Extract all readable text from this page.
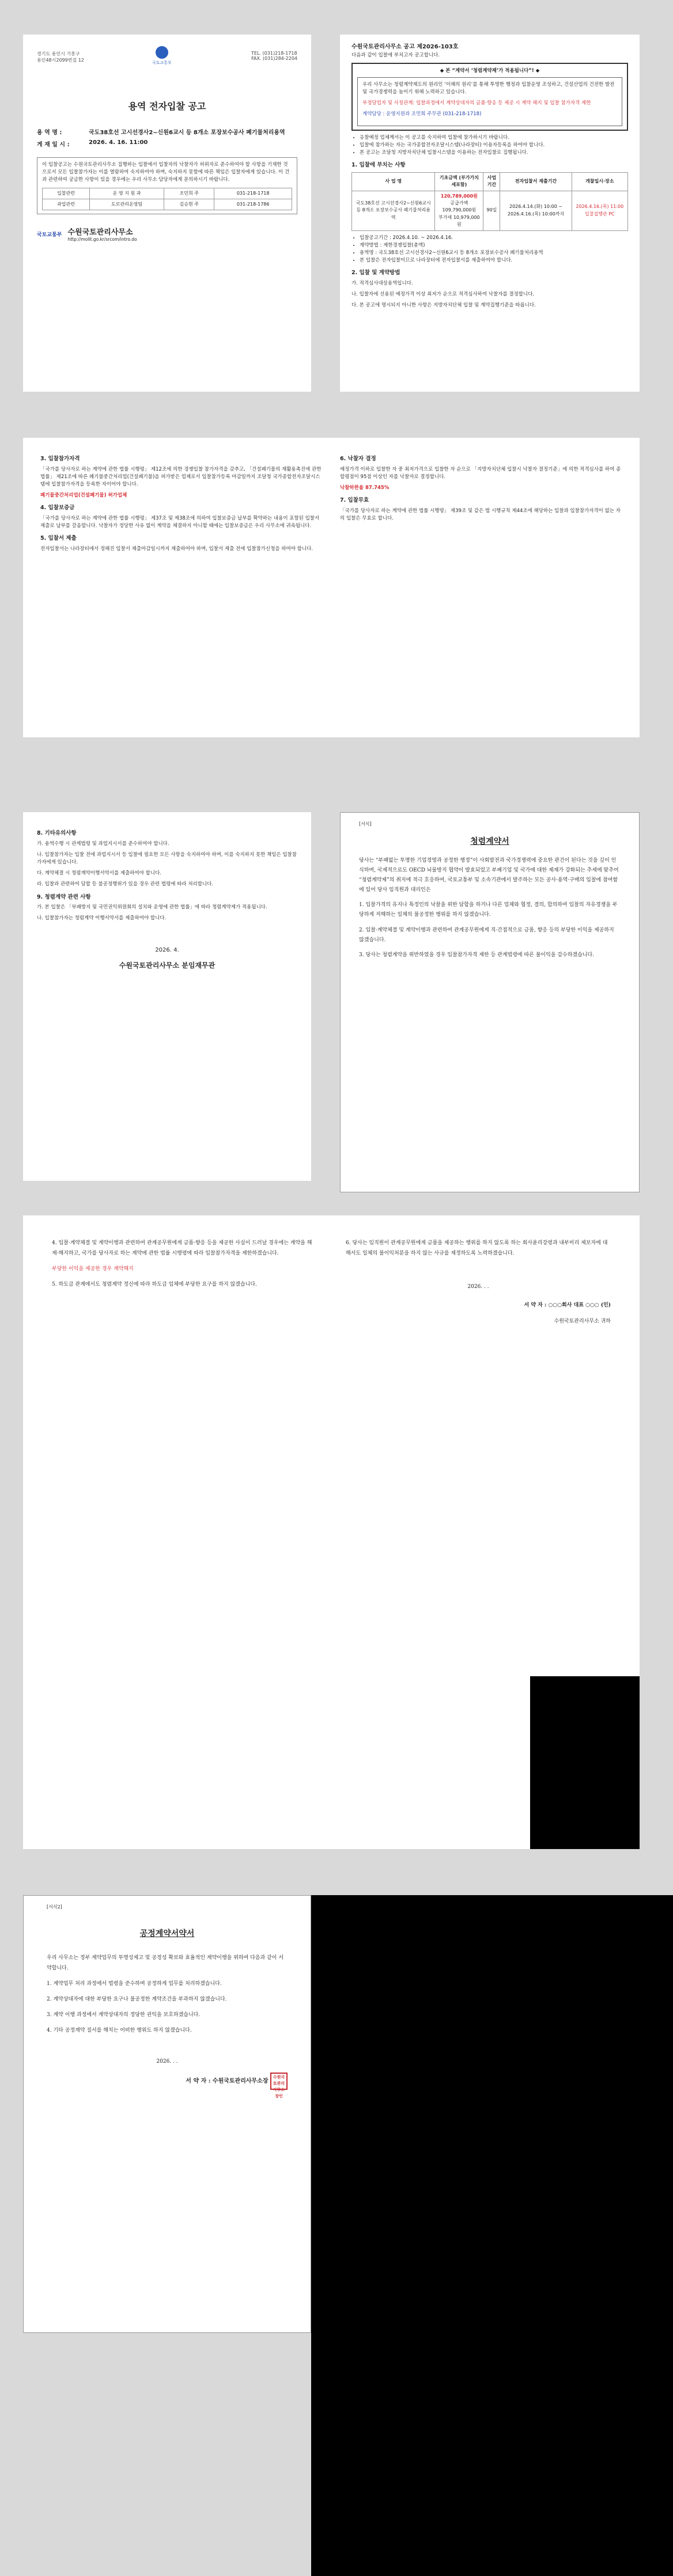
경기도 용인시 기흥구
용인48시2099번길 12	국토교통부
TEL. (031)218-1718
FAX. (031)284-2204
용역 전자입찰 공고
용 역 명 :	국도38호선 고시선경사2~신원6교시 등 8개소 포장보수공사 폐기물처리용역
게 재 일 시 :	2026. 4. 16. 11:00

이 입찰공고는 수원국토관리사무소 집행하는 입찰에서 입찰자의 낙찰자가 허위자로 준수하여야 할 사항을 기재한 것으로서 모든 입찰참가자는 이를 열람하여 숙지하여야 하며, 숙지하지 못함에 따른 책임은 입찰자에게 있습니다. 이 건과 관련하여 궁금한 사항이 있을 경우에는 우리 사무소 담당자에게 문의하시기 바랍니다.

입찰관련	운 영 지 원 과	조민희 주	031-218-1718
과업관련	도로관리운영팀	김승현 주	031-218-1786
국토교통부 수원국토관리사무소
http://molit.go.kr/srcom/intro.do
수원국토관리사무소 공고 제2026-103호
다음과 같이 입찰에 부치고자 공고합니다.
◆ 본 “계약서 ‘청렴계약제’가 적용됩니다”! ◆

우리 사무소는 청렴계약제도의 원리인 ‘이해의 원리’를 통해 투명한 행정과 입찰운영 조성하고, 건설산업의 건전한 발전 및 국가경쟁력을 높이기 위해 노력하고 있습니다.

부정당업자 및 사칭관계: 입찰과정에서 계약상대자의 금품·향응 등 제공 시 계약 해지 및 입찰 참가자격 제한

계약담당 : 운영지원과 조민희 주무관 (031-218-1718)

• 응찰예정 업체께서는 이 공고를 숙지하여 입찰에 참가하시기 바랍니다.
• 입찰에 참가하는 자는 국가종합전자조달시스템(나라장터) 이용자등록을 하여야 합니다.
• 본 공고는 조달청 지방자치단체 입찰시스템을 이용하는 전자입찰로 집행됩니다.
1. 입찰에 부치는 사항
사 업 명	기초금액 (부가가치세포함)	사업기간	전자입찰서 제출기간	개찰일시·장소
국도38호선 고시선경사2~신원6교시 등 8개소 포장보수공사 폐기물처리용역	120,789,000원
공급가액 109,790,000원
부가세 10,979,000원	90일	2026.4.14.(화) 10:00 ~ 2026.4.16.(목) 10:00까지	2026.4.16.(목) 11:00 입찰집행관 PC
• 입찰공고기간 : 2026.4.10. ~ 2026.4.16.
• 계약방법 : 제한경쟁입찰(총액)
• 용역명 : 국도38호선 고시선경사2~신원6교시 등 8개소 포장보수공사 폐기물처리용역
• 본 입찰은 전자입찰이므로 나라장터에 전자입찰서를 제출하여야 합니다.
2. 입찰 및 계약방법

가. 적격심사대상용역입니다.

나. 입찰자에 선용된 예정가격 이상 최저가 순으로 적격심사하여 낙찰자를 결정합니다.

다. 본 공고에 명시되지 아니한 사항은 지방자치단체 입찰 및 계약집행기준을 따릅니다.

3. 입찰참가자격

「국가를 당사자로 하는 계약에 관한 법률 시행령」 제12조에 의한 경쟁입찰 참가자격을 갖추고, 「건설폐기물의 재활용촉진에 관한 법률」 제21조에 따른 폐기물중간처리업(건설폐기물)을 허가받은 업체로서 입찰참가등록 마감일까지 조달청 국가종합전자조달시스템에 입찰참가자격을 등록한 자이어야 합니다.

폐기물중간처리업(건설폐기물) 허가업체

4. 입찰보증금

「국가를 당사자로 하는 계약에 관한 법률 시행령」 제37조 및 제38조에 의하여 입찰보증금 납부를 확약하는 내용이 포함된 입찰서 제출로 납부를 갈음합니다. 낙찰자가 정당한 사유 없이 계약을 체결하지 아니할 때에는 입찰보증금은 우리 사무소에 귀속됩니다.

5. 입찰서 제출

전자입찰서는 나라장터에서 정해진 입찰서 제출마감일시까지 제출하여야 하며, 입찰서 제출 전에 입찰참가신청을 하여야 합니다.

6. 낙찰자 결정

예정가격 이하로 입찰한 자 중 최저가격으로 입찰한 자 순으로 「지방자치단체 입찰시 낙찰자 결정기준」에 의한 적격심사를 하여 종합평점이 95점 이상인 자를 낙찰자로 결정합니다.

낙찰하한율 87.745%

7. 입찰무효

「국가를 당사자로 하는 계약에 관한 법률 시행령」 제39조 및 같은 법 시행규칙 제44조에 해당하는 입찰과 입찰참가자격이 없는 자의 입찰은 무효로 합니다.

8. 기타유의사항

가. 용역수행 시 관계법령 및 과업지시서를 준수하여야 합니다.

나. 입찰참가자는 입찰 전에 과업지시서 등 입찰에 필요한 모든 사항을 숙지하여야 하며, 이를 숙지하지 못한 책임은 입찰참가자에게 있습니다.

다. 계약체결 시 청렴계약이행서약서를 제출하여야 합니다.

라. 입찰과 관련하여 담합 등 불공정행위가 있을 경우 관련 법령에 따라 처리합니다.

9. 청렴계약 관련 사항

가. 본 입찰은 「부패방지 및 국민권익위원회의 설치와 운영에 관한 법률」에 따라 청렴계약제가 적용됩니다.

나. 입찰참가자는 청렴계약 이행서약서를 제출하여야 합니다.

2026. 4.
수원국토관리사무소 분임재무관
[서식]
청렴계약서

당사는 “부패없는 투명한 기업경영과 공정한 행정”이 사회발전과 국가경쟁력에 중요한 관건이 된다는 것을 깊이 인식하며, 국제적으로도 OECD 뇌물방지 협약이 발효되었고 부패기업 및 국가에 대한 제재가 강화되는 추세에 맞추어 “청렴계약제”의 취지에 적극 호응하여, 국토교통부 및 소속기관에서 발주하는 모든 공사·용역·구매의 입찰에 참여함에 있어 당사 임직원과 대리인은

1. 입찰가격의 유지나 특정인의 낙찰을 위한 담합을 하거나 다른 업체와 협정, 결의, 합의하여 입찰의 자유경쟁을 부당하게 저해하는 일체의 불공정한 행위를 하지 않겠습니다.

2. 입찰·계약체결 및 계약이행과 관련하여 관계공무원에게 직·간접적으로 금품, 향응 등의 부당한 이익을 제공하지 않겠습니다.

3. 당사는 청렴계약을 위반하였을 경우 입찰참가자격 제한 등 관계법령에 따른 불이익을 감수하겠습니다.

4. 입찰·계약체결 및 계약이행과 관련하여 관계공무원에게 금품·향응 등을 제공한 사실이 드러날 경우에는 계약을 해제·해지하고, 국가를 당사자로 하는 계약에 관한 법률 시행령에 따라 입찰참가자격을 제한하겠습니다.

부당한 이익을 제공한 경우 계약해지

5. 하도급 관계에서도 청렴계약 정신에 따라 하도급 업체에 부당한 요구를 하지 않겠습니다.

6. 당사는 임직원이 관계공무원에게 금품을 제공하는 행위를 하지 않도록 하는 회사윤리강령과 내부비리 제보자에 대해서도 일체의 불이익처분을 하지 않는 사규를 제정하도록 노력하겠습니다.

2026. . .
서 약 자 : ○○○회사 대표 ○○○ (인)
수원국토관리사무소 귀하
[서식2]
공정계약서약서

우리 사무소는 정부 계약업무의 투명성제고 및 공정성 확보와 효율적인 계약이행을 위하여 다음과 같이 서약합니다.

1. 계약업무 처리 과정에서 법령을 준수하며 공정하게 업무를 처리하겠습니다.

2. 계약상대자에 대한 부당한 요구나 불공정한 계약조건을 부과하지 않겠습니다.

3. 계약 이행 과정에서 계약상대자의 정당한 권익을 보호하겠습니다.

4. 기타 공정계약 질서를 해치는 어떠한 행위도 하지 않겠습니다.

2026. . .
서 약 자 : 수원국토관리사무소장 수원국토관리사무소장인
